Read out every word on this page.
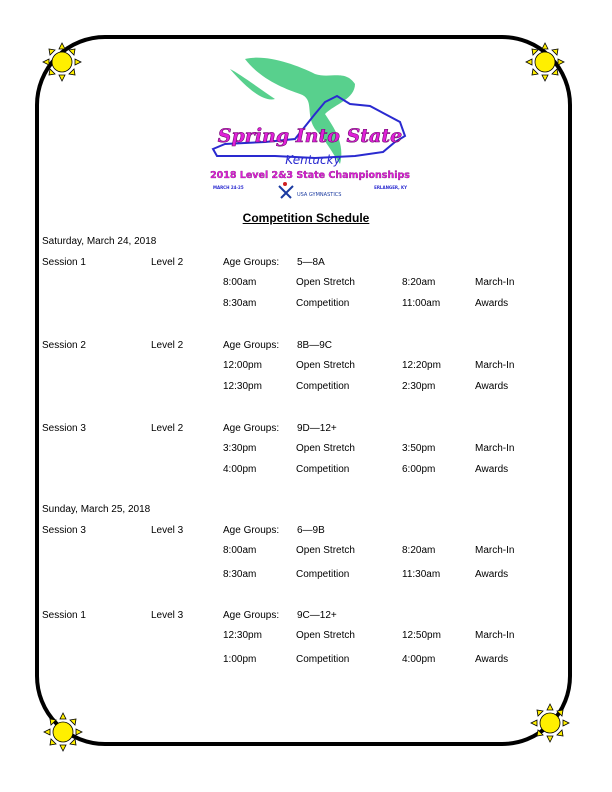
Spring Into State
Kentucky
2018 Level 2&3 State Championships
MARCH 24-25	ERLANGER, KY
USA GYMNASTICS
Competition Schedule
Saturday, March 24, 2018
Session 1	Level 2	Age Groups: 5—8A
8:00am	Open Stretch	8:20am	March-In
8:30am	Competition	11:00am	Awards
Session 2	Level 2	Age Groups: 8B—9C
12:00pm	Open Stretch	12:20pm	March-In
12:30pm	Competition	2:30pm	Awards
Session 3	Level 2	Age Groups: 9D—12+
3:30pm	Open Stretch	3:50pm	March-In
4:00pm	Competition	6:00pm	Awards
Sunday, March 25, 2018
Session 3	Level 3	Age Groups: 6—9B
8:00am	Open Stretch	8:20am	March-In
8:30am	Competition	11:30am	Awards
Session 1	Level 3	Age Groups: 9C—12+
12:30pm	Open Stretch	12:50pm	March-In
1:00pm	Competition	4:00pm	Awards
